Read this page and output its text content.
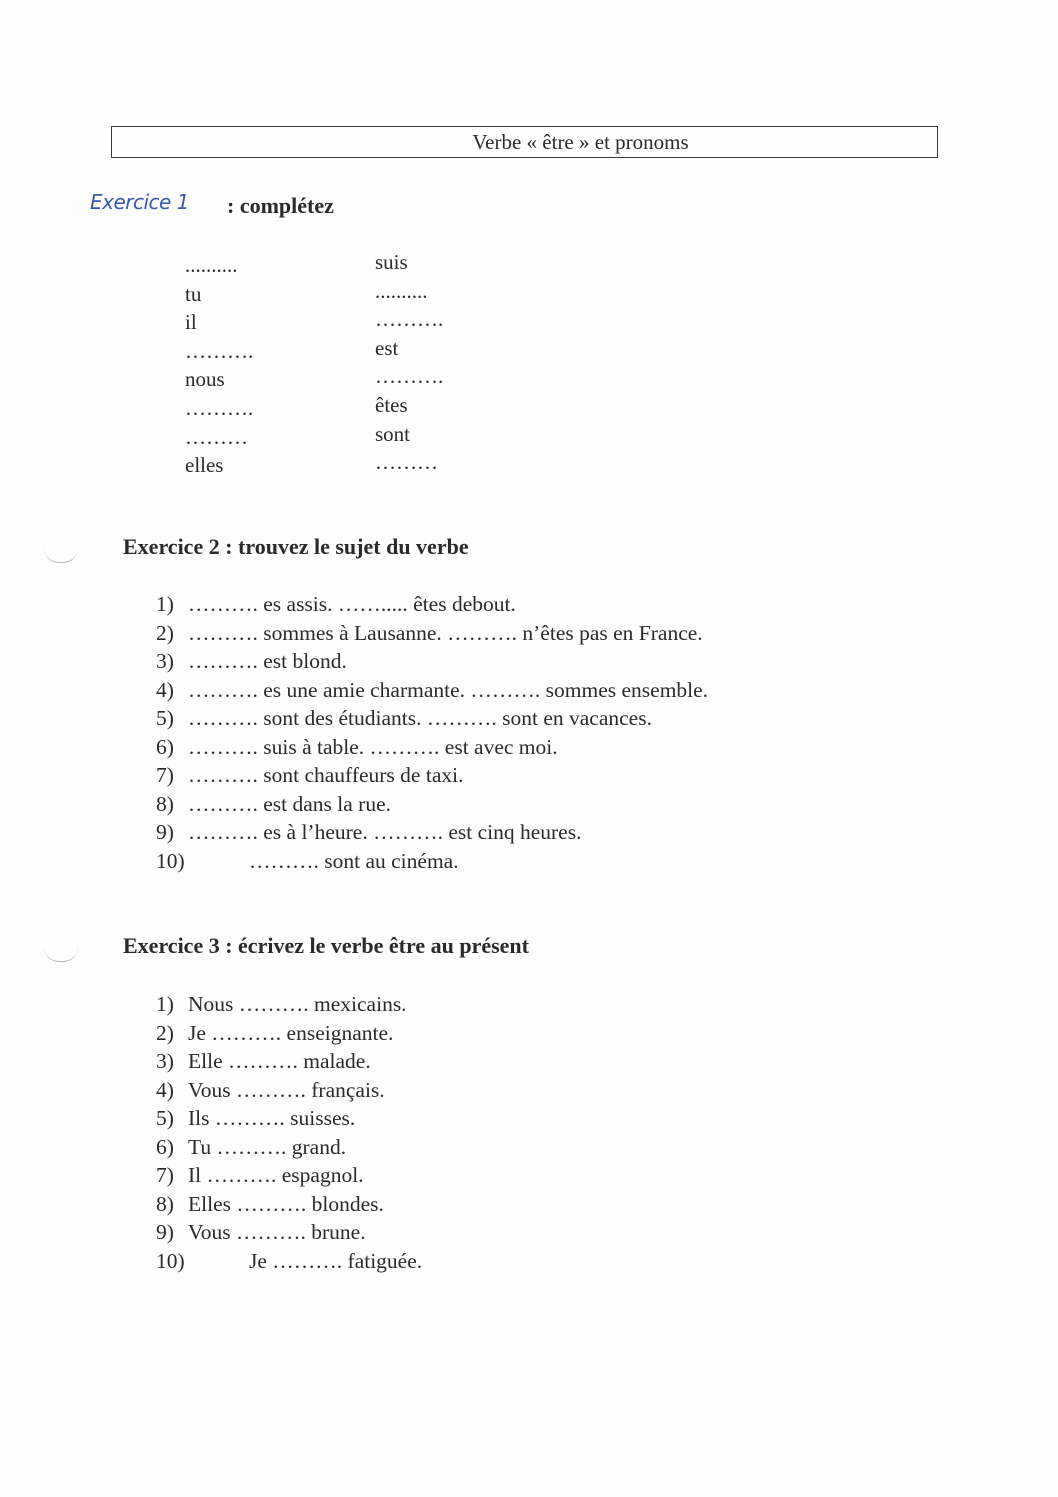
Verbe « être » et pronoms
Exercice 1 : complétez
..........
tu
il
……….
nous
……….
………
elles
suis
..........
……….
est
……….
êtes
sont
………
Exercice 2 : trouvez le sujet du verbe
1) ………. es assis. ……..... êtes debout.
2) ………. sommes à Lausanne. ………. n’êtes pas en France.
3) ………. est blond.
4) ………. es une amie charmante. ………. sommes ensemble.
5) ………. sont des étudiants. ………. sont en vacances.
6) ………. suis à table. ………. est avec moi.
7) ………. sont chauffeurs de taxi.
8) ………. est dans la rue.
9) ………. es à l’heure. ………. est cinq heures.
10)	………. sont au cinéma.
Exercice 3 : écrivez le verbe être au présent
1) Nous ………. mexicains.
2) Je ………. enseignante.
3) Elle ………. malade.
4) Vous ………. français.
5) Ils ………. suisses.
6) Tu ………. grand.
7) Il ………. espagnol.
8) Elles ………. blondes.
9) Vous ………. brune.
10)	Je ………. fatiguée.
